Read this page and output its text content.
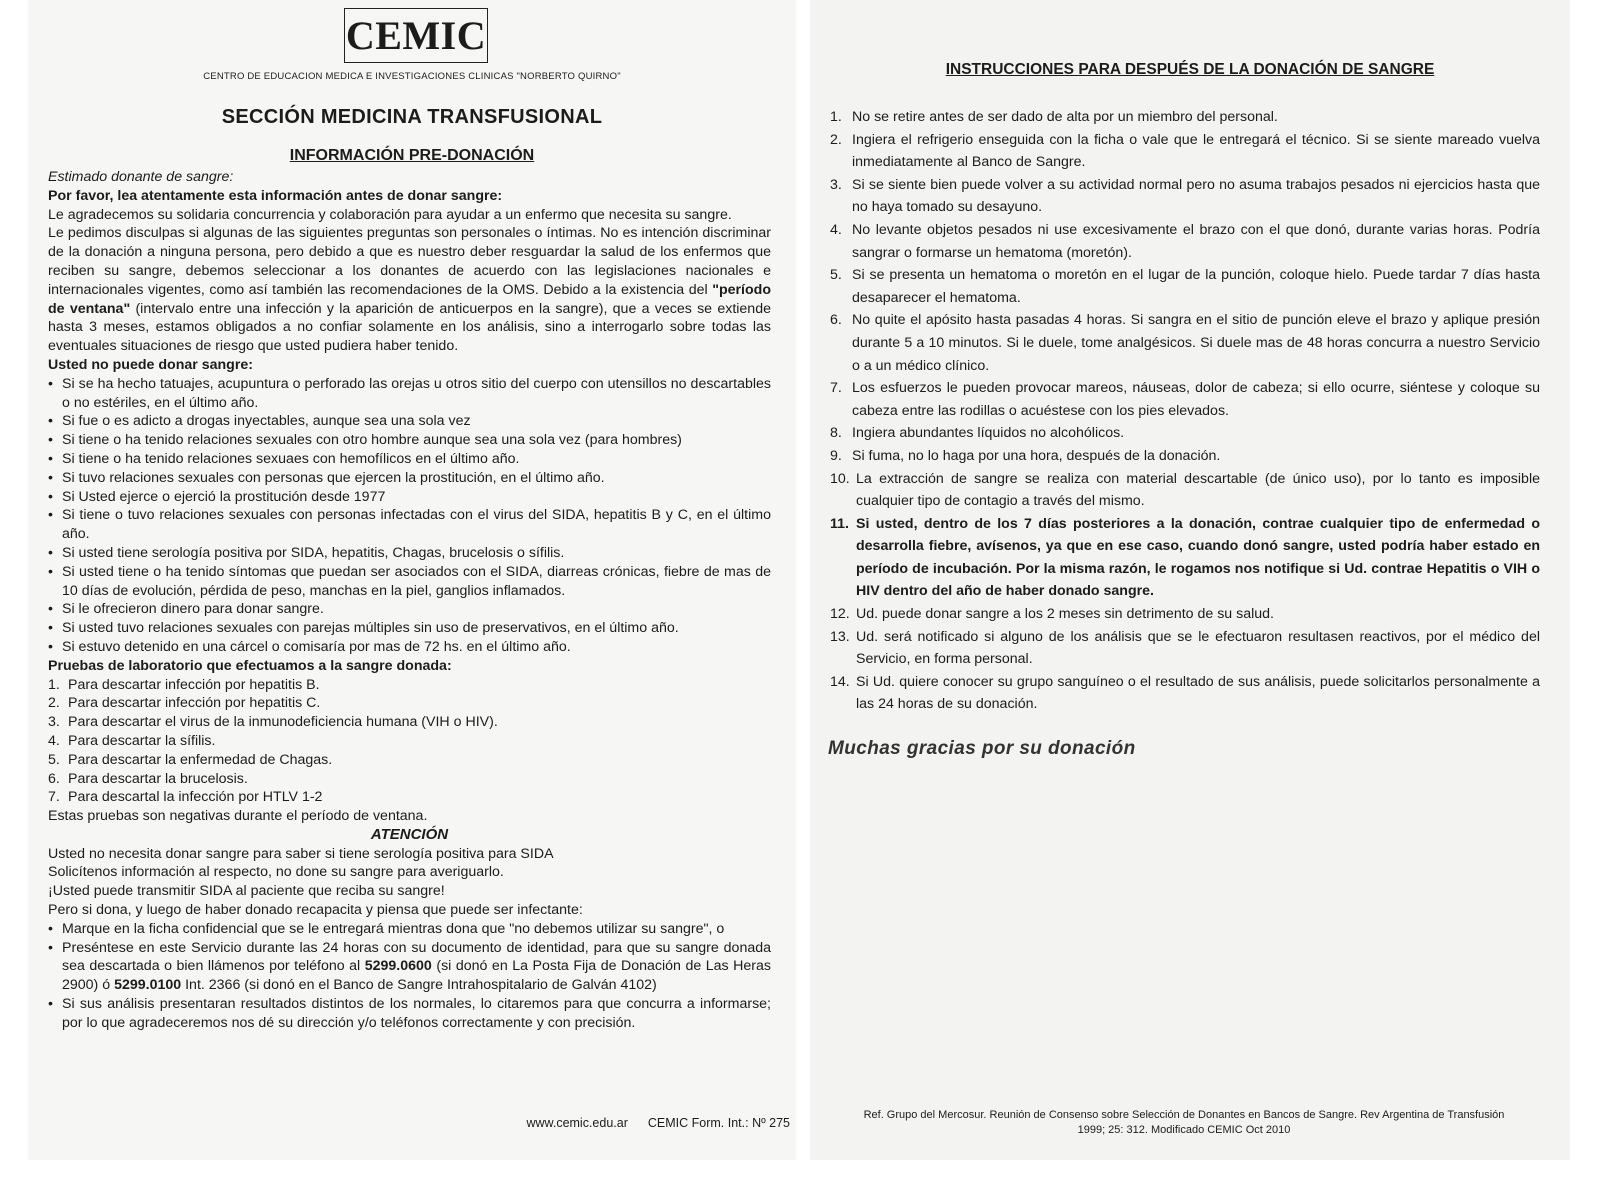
CEMIC
CENTRO DE EDUCACION MEDICA E INVESTIGACIONES CLINICAS "NORBERTO QUIRNO"
SECCIÓN MEDICINA TRANSFUSIONAL
INFORMACIÓN PRE-DONACIÓN

Estimado donante de sangre:

Por favor, lea atentamente esta información antes de donar sangre:

Le agradecemos su solidaria concurrencia y colaboración para ayudar a un enfermo que necesita su sangre.

Le pedimos disculpas si algunas de las siguientes preguntas son personales o íntimas. No es intención discriminar de la donación a ninguna persona, pero debido a que es nuestro deber resguardar la salud de los enfermos que reciben su sangre, debemos seleccionar a los donantes de acuerdo con las legislaciones nacionales e internacionales vigentes, como así también las recomendaciones de la OMS. Debido a la existencia del "período de ventana" (intervalo entre una infección y la aparición de anticuerpos en la sangre), que a veces se extiende hasta 3 meses, estamos obligados a no confiar solamente en los análisis, sino a interrogarlo sobre todas las eventuales situaciones de riesgo que usted pudiera haber tenido.

Usted no puede donar sangre:

• Si se ha hecho tatuajes, acupuntura o perforado las orejas u otros sitio del cuerpo con utensillos no descartables o no estériles, en el último año.
• Si fue o es adicto a drogas inyectables, aunque sea una sola vez
• Si tiene o ha tenido relaciones sexuales con otro hombre aunque sea una sola vez (para hombres)
• Si tiene o ha tenido relaciones sexuaes con hemofílicos en el último año.
• Si tuvo relaciones sexuales con personas que ejercen la prostitución, en el último año.
• Si Usted ejerce o ejerció la prostitución desde 1977
• Si tiene o tuvo relaciones sexuales con personas infectadas con el virus del SIDA, hepatitis B y C, en el último año.
• Si usted tiene serología positiva por SIDA, hepatitis, Chagas, brucelosis o sífilis.
• Si usted tiene o ha tenido síntomas que puedan ser asociados con el SIDA, diarreas crónicas, fiebre de mas de 10 días de evolución, pérdida de peso, manchas en la piel, ganglios inflamados.
• Si le ofrecieron dinero para donar sangre.
• Si usted tuvo relaciones sexuales con parejas múltiples sin uso de preservativos, en el último año.
• Si estuvo detenido en una cárcel o comisaría por mas de 72 hs. en el último año.

Pruebas de laboratorio que efectuamos a la sangre donada:

1. Para descartar infección por hepatitis B.
2. Para descartar infección por hepatitis C.
3. Para descartar el virus de la inmunodeficiencia humana (VIH o HIV).
4. Para descartar la sífilis.
5. Para descartar la enfermedad de Chagas.
6. Para descartar la brucelosis.
7. Para descartal la infección por HTLV 1-2

Estas pruebas son negativas durante el período de ventana.

ATENCIÓN

Usted no necesita donar sangre para saber si tiene serología positiva para SIDA

Solicítenos información al respecto, no done su sangre para averiguarlo.

¡Usted puede transmitir SIDA al paciente que reciba su sangre!

Pero si dona, y luego de haber donado recapacita y piensa que puede ser infectante:

• Marque en la ficha confidencial que se le entregará mientras dona que "no debemos utilizar su sangre", o
• Preséntese en este Servicio durante las 24 horas con su documento de identidad, para que su sangre donada sea descartada o bien llámenos por teléfono al 5299.0600 (si donó en La Posta Fija de Donación de Las Heras 2900) ó 5299.0100 Int. 2366 (si donó en el Banco de Sangre Intrahospitalario de Galván 4102)
• Si sus análisis presentaran resultados distintos de los normales, lo citaremos para que concurra a informarse; por lo que agradeceremos nos dé su dirección y/o teléfonos correctamente y con precisión.
www.cemic.edu.ar CEMIC Form. Int.: Nº 275
INSTRUCCIONES PARA DESPUÉS DE LA DONACIÓN DE SANGRE
1. No se retire antes de ser dado de alta por un miembro del personal.
2. Ingiera el refrigerio enseguida con la ficha o vale que le entregará el técnico. Si se siente mareado vuelva inmediatamente al Banco de Sangre.
3. Si se siente bien puede volver a su actividad normal pero no asuma trabajos pesados ni ejercicios hasta que no haya tomado su desayuno.
4. No levante objetos pesados ni use excesivamente el brazo con el que donó, durante varias horas. Podría sangrar o formarse un hematoma (moretón).
5. Si se presenta un hematoma o moretón en el lugar de la punción, coloque hielo. Puede tardar 7 días hasta desaparecer el hematoma.
6. No quite el apósito hasta pasadas 4 horas. Si sangra en el sitio de punción eleve el brazo y aplique presión durante 5 a 10 minutos. Si le duele, tome analgésicos. Si duele mas de 48 horas concurra a nuestro Servicio o a un médico clínico.
7. Los esfuerzos le pueden provocar mareos, náuseas, dolor de cabeza; si ello ocurre, siéntese y coloque su cabeza entre las rodillas o acuéstese con los pies elevados.
8. Ingiera abundantes líquidos no alcohólicos.
9. Si fuma, no lo haga por una hora, después de la donación.
10. La extracción de sangre se realiza con material descartable (de único uso), por lo tanto es imposible cualquier tipo de contagio a través del mismo.
11. Si usted, dentro de los 7 días posteriores a la donación, contrae cualquier tipo de enfermedad o desarrolla fiebre, avísenos, ya que en ese caso, cuando donó sangre, usted podría haber estado en período de incubación. Por la misma razón, le rogamos nos notifique si Ud. contrae Hepatitis o VIH o HIV dentro del año de haber donado sangre.
12. Ud. puede donar sangre a los 2 meses sin detrimento de su salud.
13. Ud. será notificado si alguno de los análisis que se le efectuaron resultasen reactivos, por el médico del Servicio, en forma personal.
14. Si Ud. quiere conocer su grupo sanguíneo o el resultado de sus análisis, puede solicitarlos personalmente a las 24 horas de su donación.
Muchas gracias por su donación
Ref. Grupo del Mercosur. Reunión de Consenso sobre Selección de Donantes en Bancos de Sangre. Rev Argentina de Transfusión
1999; 25: 312. Modificado CEMIC Oct 2010
